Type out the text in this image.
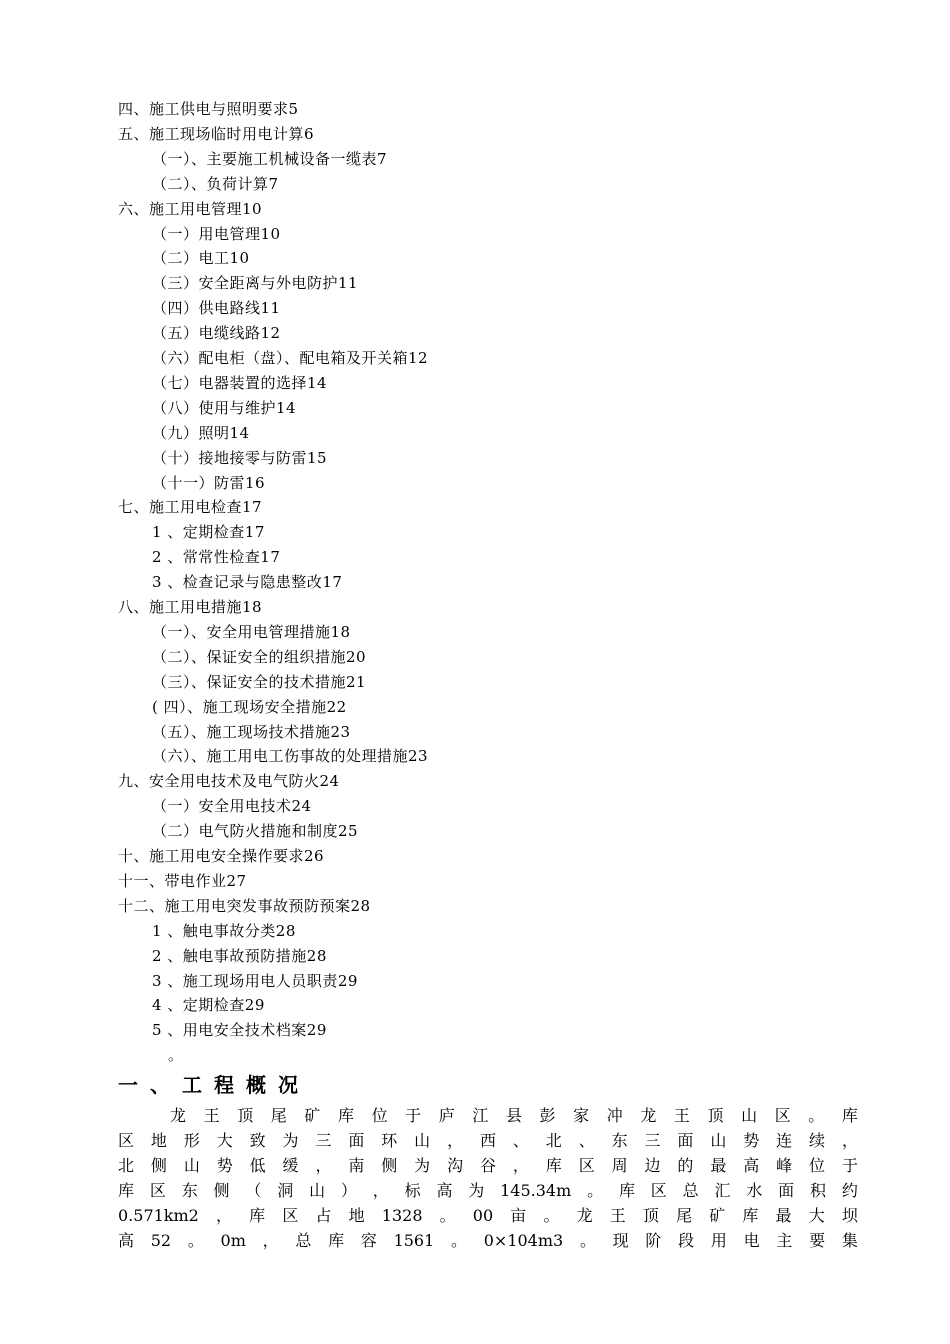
四、施工供电与照明要求5
五、施工现场临时用电计算6
（一）、主要施工机械设备一缆表7
（二）、负荷计算7
六、施工用电管理10
（一）用电管理10
（二）电工10
（三）安全距离与外电防护11
（四）供电路线11
（五）电缆线路12
（六）配电柜（盘）、配电箱及开关箱12
（七）电器装置的选择14
（八）使用与维护14
（九）照明14
（十）接地接零与防雷15
（十一）防雷16
七、施工用电检查17
1 、定期检查17
2 、常常性检查17
3 、检查记录与隐患整改17
八、施工用电措施18
（一）、安全用电管理措施18
（二）、保证安全的组织措施20
（三）、保证安全的技术措施21
( 四）、施工现场安全措施22
（五）、施工现场技术措施23
（六）、施工用电工伤事故的处理措施23
九、安全用电技术及电气防火24
（一）安全用电技术24
（二）电气防火措施和制度25
十、施工用电安全操作要求26
十一、带电作业27
十二、施工用电突发事故预防预案28
1 、触电事故分类28
2 、触电事故预防措施28
3 、施工现场用电人员职责29
4 、定期检查29
5 、用电安全技术档案29
。
一、工程概况
龙 王 顶 尾 矿 库 位 于 庐 江 县 彭 家 冲 龙 王 顶 山 区 。 库
区 地 形 大 致 为 三 面 环 山 ， 西 、 北 、 东 三 面 山 势 连 续 ，
北 侧 山 势 低 缓 ， 南 侧 为 沟 谷 ， 库 区 周 边 的 最 高 峰 位 于
库 区 东 侧 （ 洞 山 ） ， 标 高 为 145.34m 。 库 区 总 汇 水 面 积 约
0.571km2 ， 库 区 占 地 1328 。 00 亩 。 龙 王 顶 尾 矿 库 最 大 坝
高 52 。 0m ， 总 库 容 1561 。 0×104m3 。 现 阶 段 用 电 主 要 集
